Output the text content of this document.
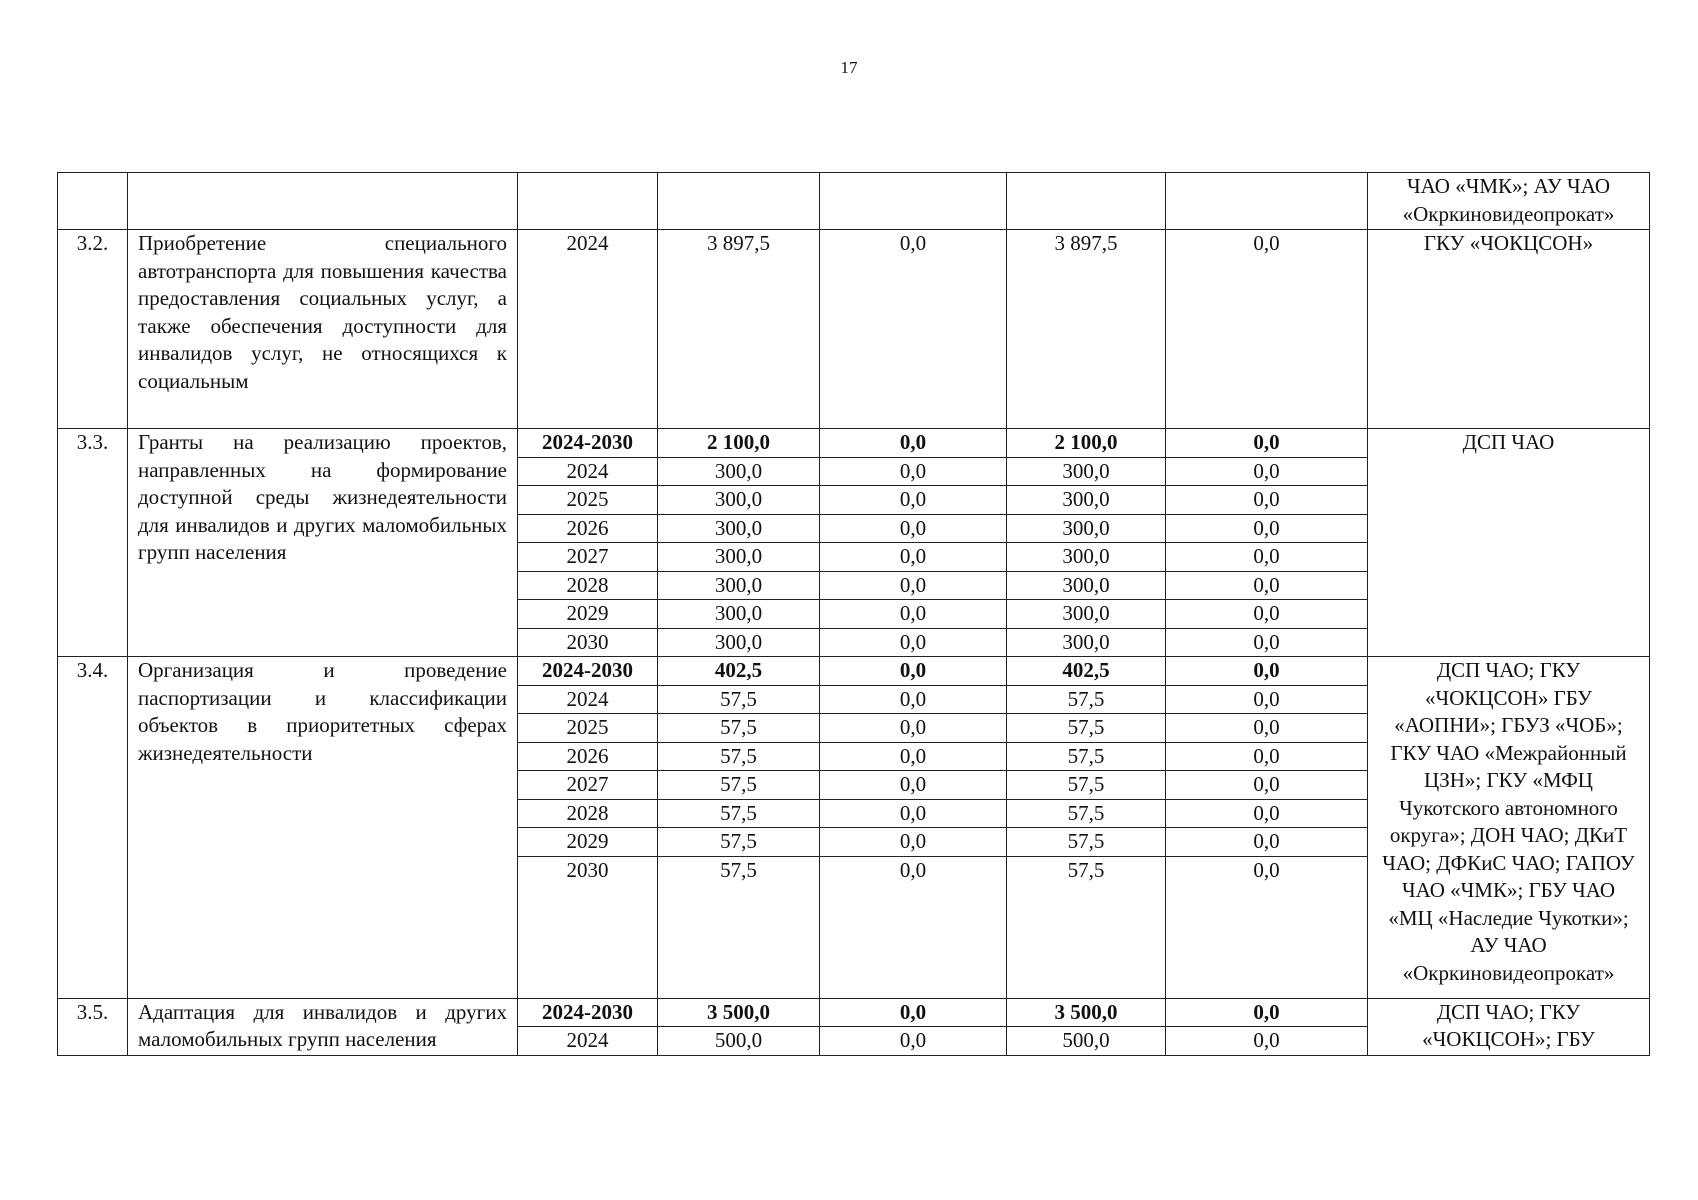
17
							ЧАО «ЧМК»; АУ ЧАО «Окркиновидеопрокат»
3.2.	Приобретение специального автотранспорта для повышения качества предоставления социальных услуг, а также обеспечения доступности для инвалидов услуг, не относящихся к социальным	2024	3 897,5	0,0	3 897,5	0,0	ГКУ «ЧОКЦСОН»
3.3.	Гранты на реализацию проектов, направленных на формирование доступной среды жизнедеятельности для инвалидов и других маломобильных групп населения	2024-2030	2 100,0	0,0	2 100,0	0,0	ДСП ЧАО
		2024	300,0	0,0	300,0	0,0	
		2025	300,0	0,0	300,0	0,0	
		2026	300,0	0,0	300,0	0,0	
		2027	300,0	0,0	300,0	0,0	
		2028	300,0	0,0	300,0	0,0	
		2029	300,0	0,0	300,0	0,0	
		2030	300,0	0,0	300,0	0,0	
3.4.	Организация и проведение паспортизации и классификации объектов в приоритетных сферах жизнедеятельности	2024-2030	402,5	0,0	402,5	0,0	ДСП ЧАО; ГКУ «ЧОКЦСОН» ГБУ «АОПНИ»; ГБУЗ «ЧОБ»; ГКУ ЧАО «Межрайонный ЦЗН»; ГКУ «МФЦ Чукотского автономного округа»; ДОН ЧАО; ДКиТ ЧАО; ДФКиС ЧАО; ГАПОУ ЧАО «ЧМК»; ГБУ ЧАО «МЦ «Наследие Чукотки»; АУ ЧАО «Окркиновидеопрокат»
		2024	57,5	0,0	57,5	0,0	
		2025	57,5	0,0	57,5	0,0	
		2026	57,5	0,0	57,5	0,0	
		2027	57,5	0,0	57,5	0,0	
		2028	57,5	0,0	57,5	0,0	
		2029	57,5	0,0	57,5	0,0	
		2030	57,5	0,0	57,5	0,0	
3.5.	Адаптация для инвалидов и других маломобильных групп населения	2024-2030	3 500,0	0,0	3 500,0	0,0	ДСП ЧАО; ГКУ «ЧОКЦСОН»; ГБУ
		2024	500,0	0,0	500,0	0,0	
